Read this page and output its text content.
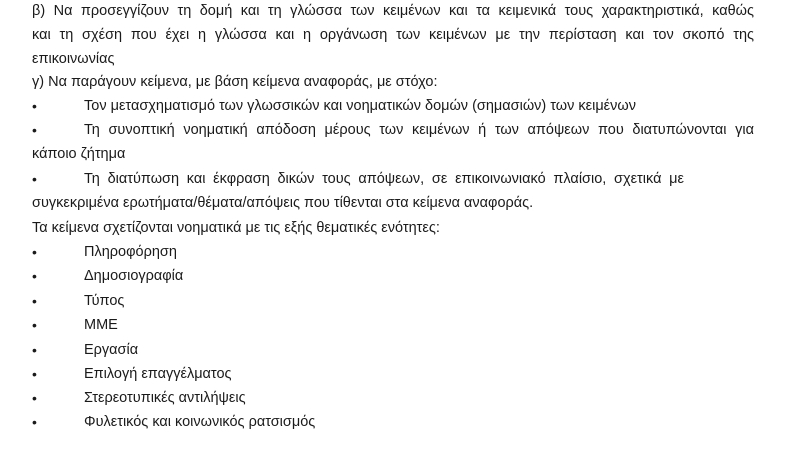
β) Να προσεγγίζουν τη δομή και τη γλώσσα των κειμένων και τα κειμενικά τους χαρακτηριστικά, καθώς
και τη σχέση που έχει η γλώσσα και η οργάνωση των κειμένων με την περίσταση και τον σκοπό της
επικοινωνίας
γ) Να παράγουν κείμενα, με βάση κείμενα αναφοράς, με στόχο:
•	Τον μετασχηματισμό των γλωσσικών και νοηματικών δομών (σημασιών) των κειμένων
•	Τη συνοπτική νοηματική απόδοση μέρους των κειμένων ή των απόψεων που διατυπώνονται για
κάποιο ζήτημα
•	Τη διατύπωση και έκφραση δικών τους απόψεων, σε επικοινωνιακό πλαίσιο, σχετικά με
συγκεκριμένα ερωτήματα/θέματα/απόψεις που τίθενται στα κείμενα αναφοράς.
Τα κείμενα σχετίζονται νοηματικά με τις εξής θεματικές ενότητες:
•	Πληροφόρηση
•	Δημοσιογραφία
•	Τύπος
•	ΜΜΕ
•	Εργασία
•	Επιλογή επαγγέλματος
•	Στερεοτυπικές αντιλήψεις
•	Φυλετικός και κοινωνικός ρατσισμός
